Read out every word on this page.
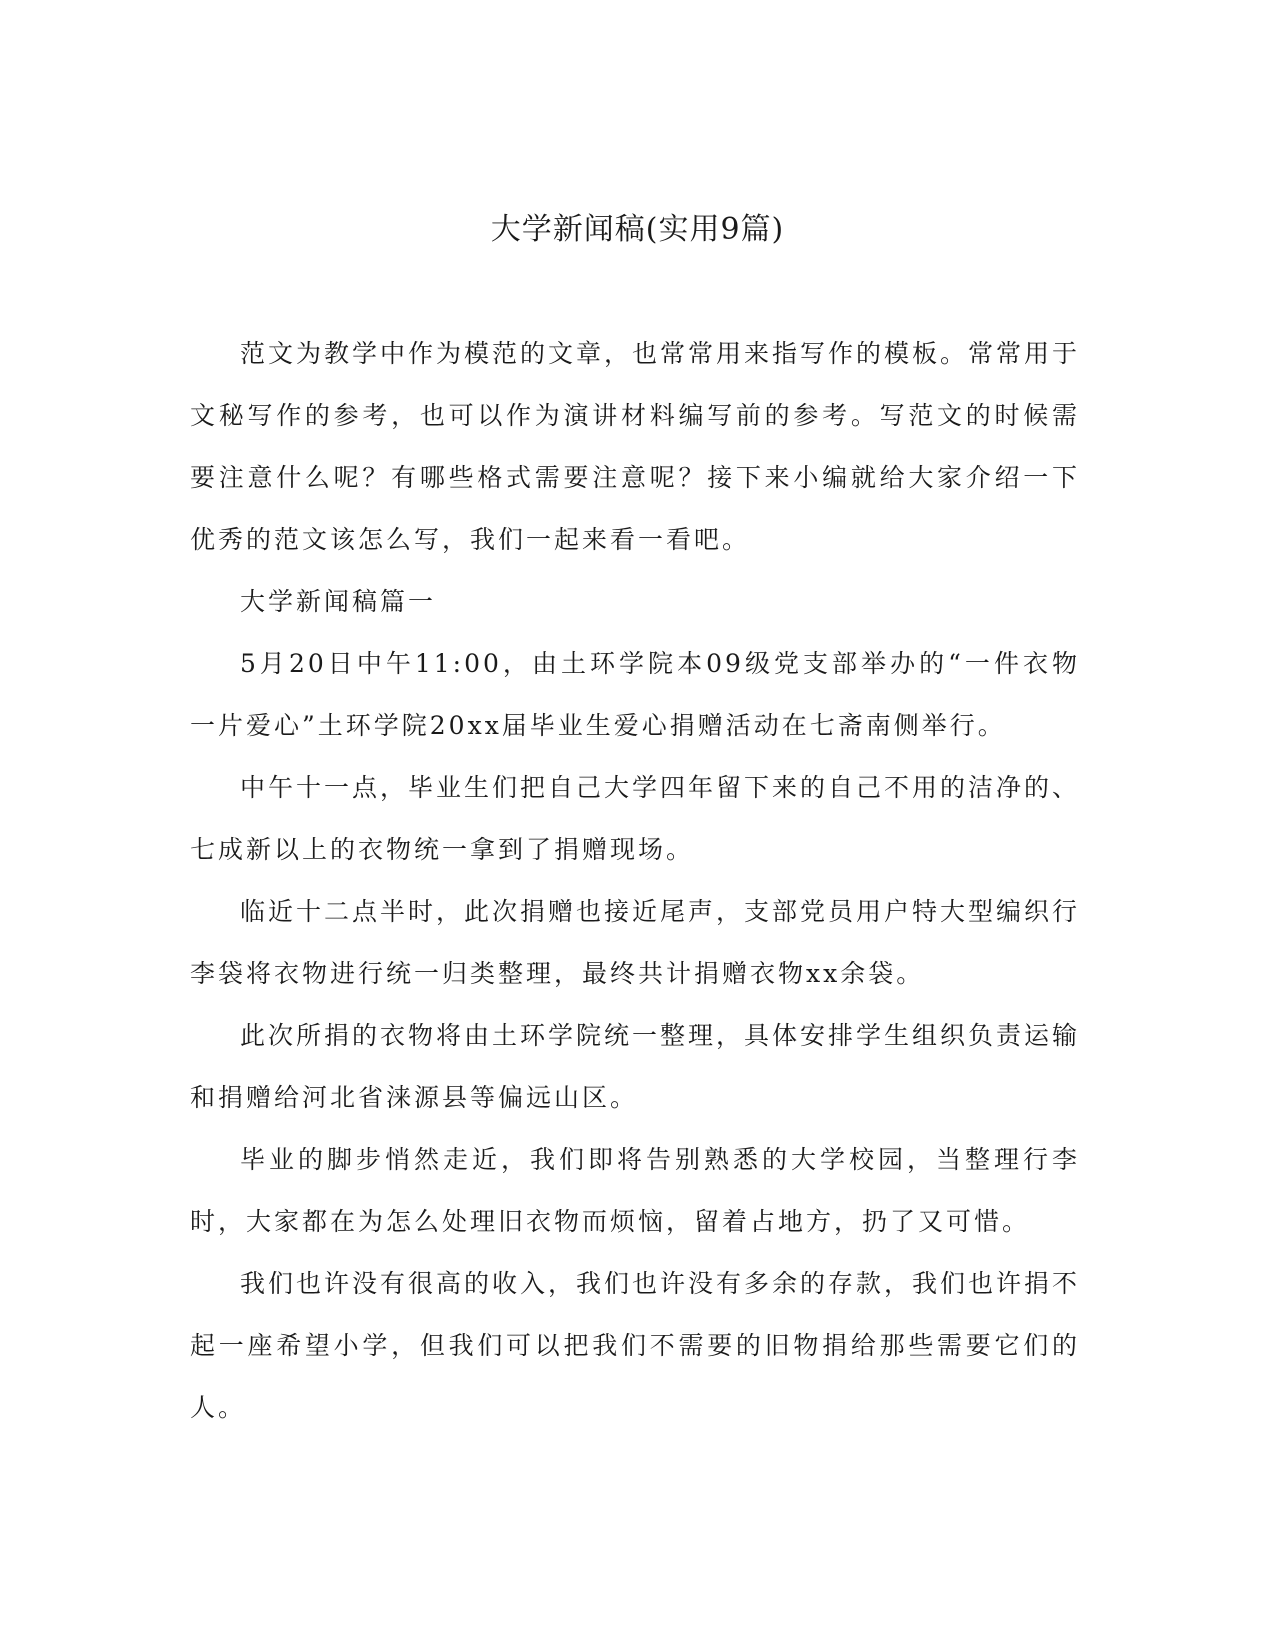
大学新闻稿(实用9篇)

范文为教学中作为模范的文章，也常常用来指写作的模板。常常用于文秘写作的参考，也可以作为演讲材料编写前的参考。写范文的时候需要注意什么呢？有哪些格式需要注意呢？接下来小编就给大家介绍一下优秀的范文该怎么写，我们一起来看一看吧。

大学新闻稿篇一

5月20日中午11:00，由土环学院本09级党支部举办的“一件衣物 一片爱心”土环学院20xx届毕业生爱心捐赠活动在七斋南侧举行。

中午十一点，毕业生们把自己大学四年留下来的自己不用的洁净的、七成新以上的衣物统一拿到了捐赠现场。

临近十二点半时，此次捐赠也接近尾声，支部党员用户特大型编织行李袋将衣物进行统一归类整理，最终共计捐赠衣物xx余袋。

此次所捐的衣物将由土环学院统一整理，具体安排学生组织负责运输和捐赠给河北省涞源县等偏远山区。

毕业的脚步悄然走近，我们即将告别熟悉的大学校园，当整理行李时，大家都在为怎么处理旧衣物而烦恼，留着占地方，扔了又可惜。

我们也许没有很高的收入，我们也许没有多余的存款，我们也许捐不起一座希望小学，但我们可以把我们不需要的旧物捐给那些需要它们的人。
